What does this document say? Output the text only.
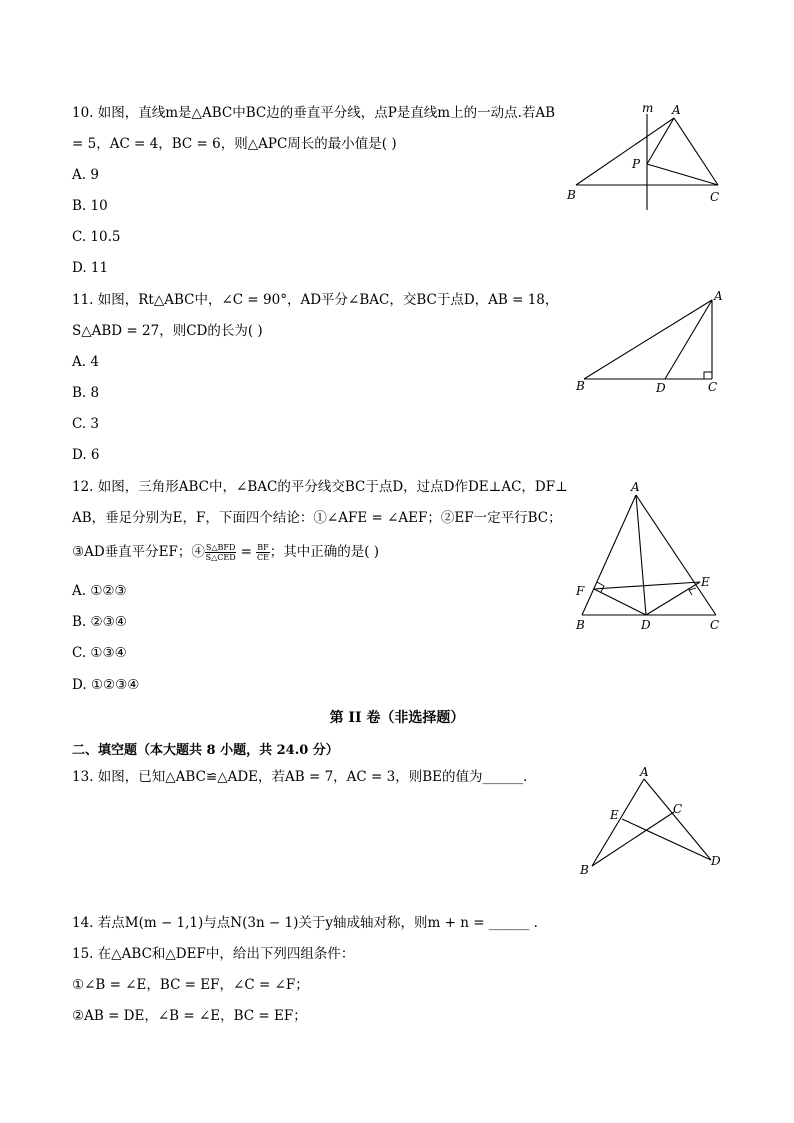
10. 如图，直线m是△ABC中BC边的垂直平分线，点P是直线m上的一动点.若AB
= 5，AC = 4，BC = 6，则△APC周长的最小值是( )
A. 9
B. 10
C. 10.5
D. 11
m A
P
B	C
11. 如图，Rt△ABC中，∠C = 90°，AD平分∠BAC，交BC于点D，AB = 18，
S△ABD = 27，则CD的长为( )
A. 4
B. 8
C. 3
D. 6
A
B	D	C
12. 如图，三角形ABC中，∠BAC的平分线交BC于点D，过点D作DE⊥AC，DF⊥
AB，垂足分别为E，F，下面四个结论：①∠AFE = ∠AEF；②EF一定平行BC；
③AD垂直平分EF；④ $\frac{\text{S△BFD}}{\text{S△CED}} = \frac{BF}{CE}$ ；其中正确的是( )
A. ①②③
B. ②③④
C. ①③④
D. ①②③④
A
F
E
B	D	C
第 II 卷（非选择题）
二、填空题（本大题共 8 小题，共 24.0 分）
13. 如图，已知△ABC≌△ADE，若AB = 7，AC = 3，则BE的值为______.	A
E	C
B
D
14. 若点M(m − 1,1)与点N(3n − 1)关于y轴成轴对称，则m + n = ______ .
15. 在△ABC和△DEF中，给出下列四组条件：
①∠B = ∠E，BC = EF，∠C = ∠F；
②AB = DE，∠B = ∠E，BC = EF；
